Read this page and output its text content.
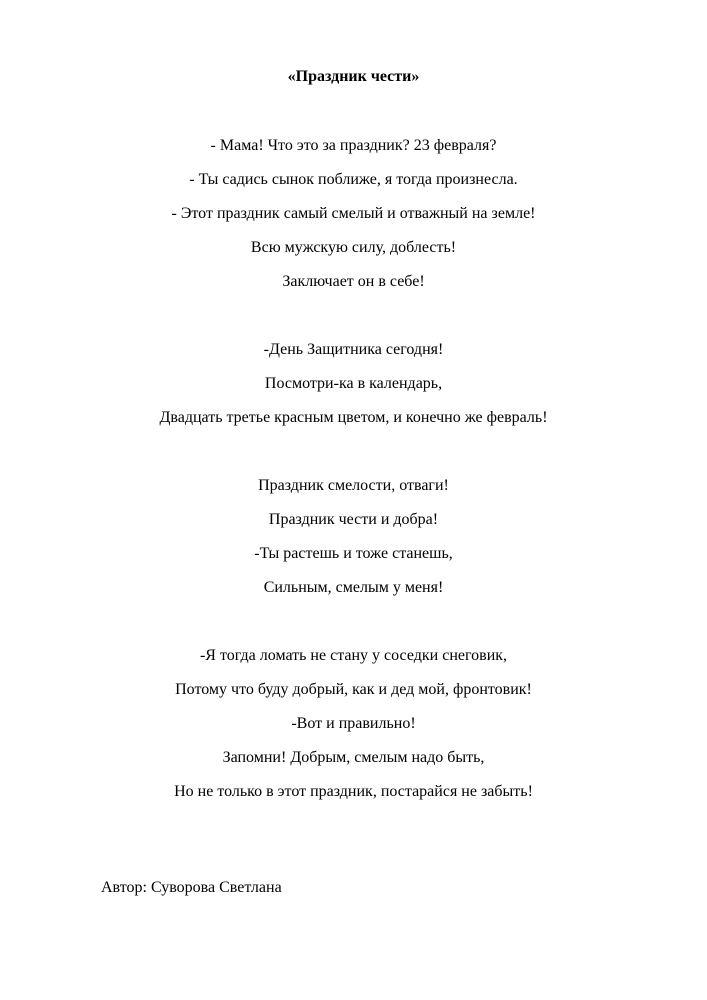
«Праздник чести»

- Мама! Что это за праздник? 23 февраля?

- Ты садись сынок поближе, я тогда произнесла.

- Этот праздник самый смелый и отважный на земле!

Всю мужскую силу, доблесть!

Заключает он в себе!

-День Защитника сегодня!

Посмотри-ка в календарь,

Двадцать третье красным цветом, и конечно же февраль!

Праздник смелости, отваги!

Праздник чести и добра!

-Ты растешь и тоже станешь,

Сильным, смелым у меня!

-Я тогда ломать не стану у соседки снеговик,

Потому что буду добрый, как и дед мой, фронтовик!

-Вот и правильно!

Запомни! Добрым, смелым надо быть,

Но не только в этот праздник, постарайся не забыть!

Автор: Суворова Светлана
